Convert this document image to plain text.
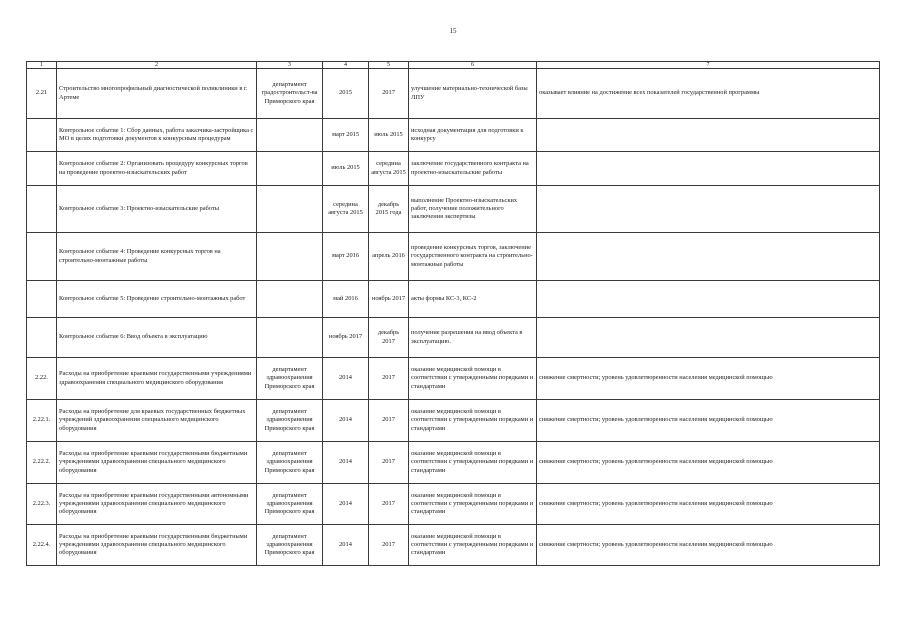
15
1	2	3	4	5	6	7
2.21	Строительство многопрофильный диагностической поликлиники в г. Артеме	департамент градостроительст-ва Приморского края	2015	2017	улучшение материально-технической базы ЛПУ	оказывает влияние на достижение всех показателей государственной программы
	Контрольное событие 1: Сбор данных, работа заказчика-застройщика с МО в целях подготовки документов к конкурсным процедурам		март 2015	июль 2015	исходная документация для подготовки к конкурсу	
	Контрольное событие 2: Организовать процедуру конкурсных торгов на проведение проектно-изыскательских работ		июль 2015	середина августа 2015	заключение государственного контракта на проектно-изыскательские работы	
	Контрольное событие 3: Проектно-изыскательские работы		середина августа 2015	декабрь 2015 года	выполнение Проектно-изыскательских работ, получение положительного заключения экспертизы	
	Контрольное событие 4: Проведение конкурсных торгов на строительно-монтажные работы		март 2016	апрель 2016	проведение конкурсных торгов, заключение государственного контракта на строительно-монтажные работы	
	Контрольное событие 5: Проведение строительно-монтажных работ		май 2016	ноябрь 2017	акты формы КС-3, КС-2	
	Контрольное событие 6: Ввод объекта в эксплуатацию		ноябрь 2017	декабрь 2017	получение разрешения на ввод объекта в эксплуатацию.	
2.22.	Расходы на приобретение краевыми государственными учреждениями здравоохранения специального медицинского оборудования	департамент здравоохранения Приморского края	2014	2017	оказание медицинской помощи в соответствии с утвержденными порядками и стандартами	снижение смертности; уровень удовлетворенности населения медицинской помощью
2.22.1.	Расходы на приобретение для краевых государственных бюджетных учреждений здравоохранения специального медицинского оборудования	департамент здравоохранения Приморского края	2014	2017	оказание медицинской помощи в соответствии с утвержденными порядками и стандартами	снижение смертности; уровень удовлетворенности населения медицинской помощью
2.22.2.	Расходы на приобретение краевыми государственными бюджетными учреждениями здравоохранения специального медицинского оборудования	департамент здравоохранения Приморского края	2014	2017	оказание медицинской помощи в соответствии с утвержденными порядками и стандартами	снижение смертности; уровень удовлетворенности населения медицинской помощью
2.22.3.	Расходы на приобретение краевыми государственными автономными учреждениями здравоохранения специального медицинского оборудования	департамент здравоохранения Приморского края	2014	2017	оказание медицинской помощи в соответствии с утвержденными порядками и стандартами	снижение смертности; уровень удовлетворенности населения медицинской помощью
2.22.4.	Расходы на приобретение краевыми государственными бюджетными учреждениями здравоохранения специального медицинского оборудования	департамент здравоохранения Приморского края	2014	2017	оказание медицинской помощи в соответствии с утвержденными порядками и стандартами	снижение смертности; уровень удовлетворенности населения медицинской помощью
